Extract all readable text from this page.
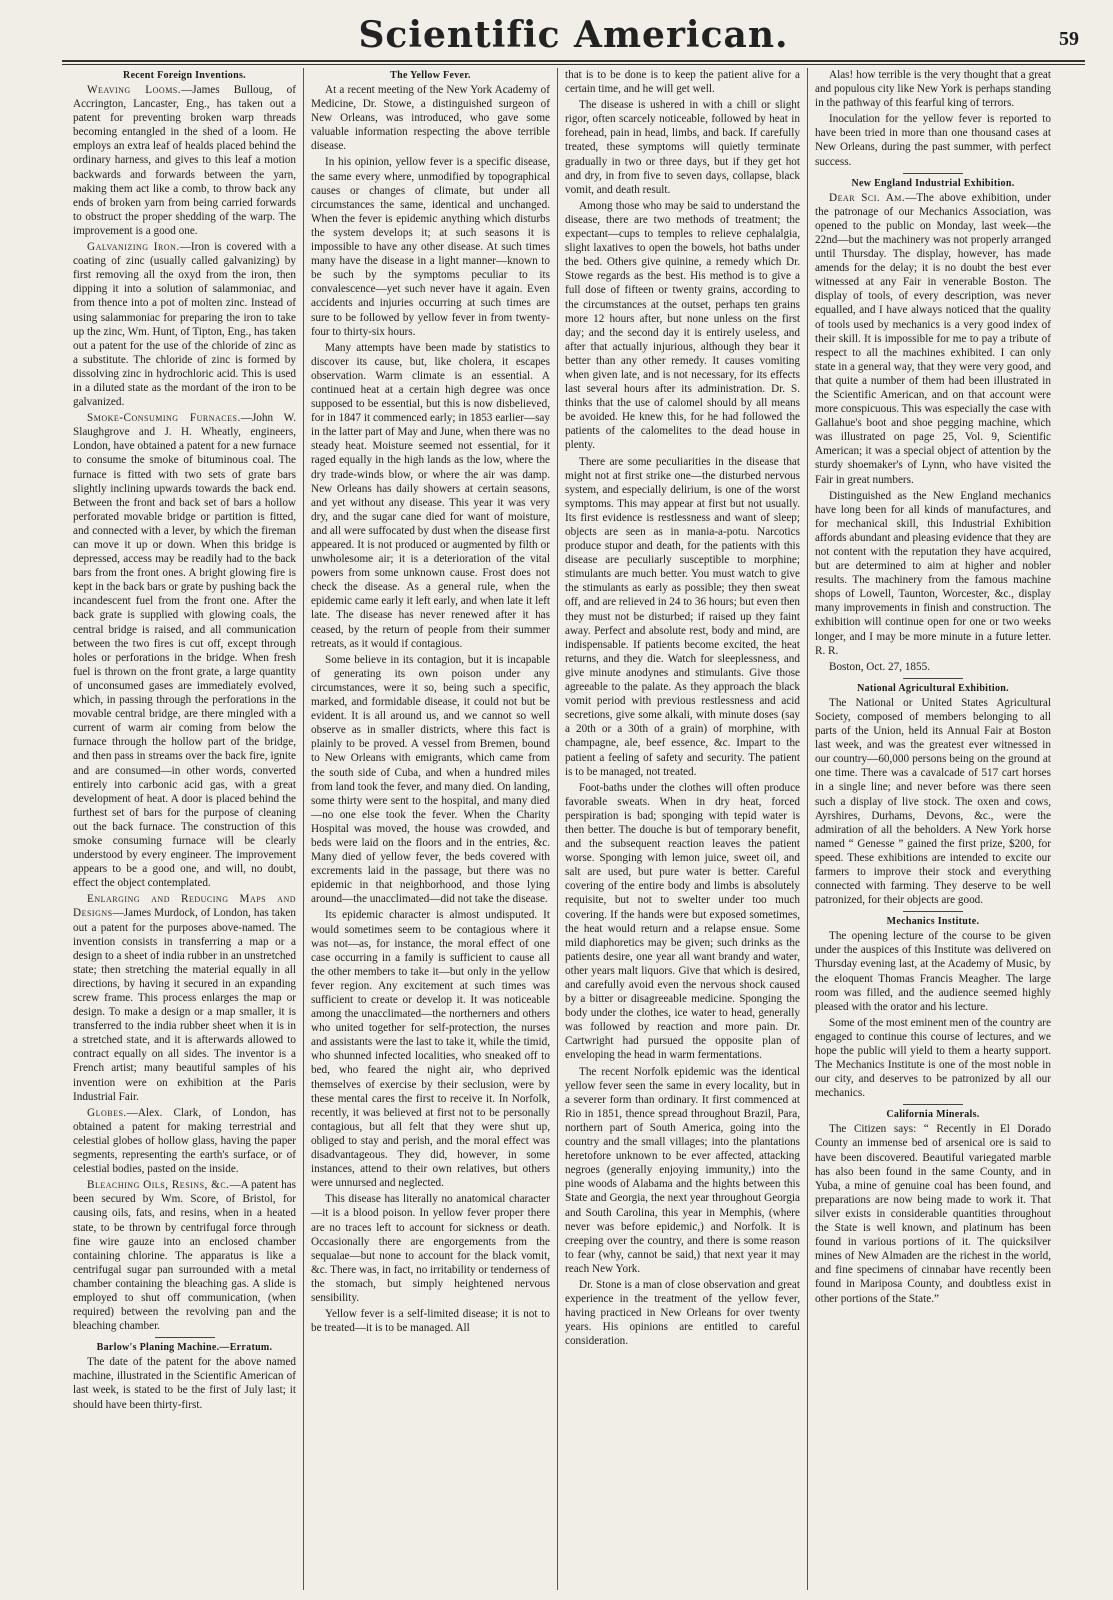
Scientific American.	59
Recent Foreign Inventions.

Weaving Looms.—James Bulloug, of Accrington, Lancaster, Eng., has taken out a patent for preventing broken warp threads becoming entangled in the shed of a loom. He employs an extra leaf of healds placed behind the ordinary harness, and gives to this leaf a motion backwards and forwards between the yarn, making them act like a comb, to throw back any ends of broken yarn from being carried forwards to obstruct the proper shedding of the warp. The improvement is a good one.

Galvanizing Iron.—Iron is covered with a coating of zinc (usually called galvanizing) by first removing all the oxyd from the iron, then dipping it into a solution of salammoniac, and from thence into a pot of molten zinc. Instead of using salammoniac for preparing the iron to take up the zinc, Wm. Hunt, of Tipton, Eng., has taken out a patent for the use of the chloride of zinc as a substitute. The chloride of zinc is formed by dissolving zinc in hydrochloric acid. This is used in a diluted state as the mordant of the iron to be galvanized.

Smoke-Consuming Furnaces.—John W. Slaughgrove and J. H. Wheatly, engineers, London, have obtained a patent for a new furnace to consume the smoke of bituminous coal. The furnace is fitted with two sets of grate bars slightly inclining upwards towards the back end. Between the front and back set of bars a hollow perforated movable bridge or partition is fitted, and connected with a lever, by which the fireman can move it up or down. When this bridge is depressed, access may be readily had to the back bars from the front ones. A bright glowing fire is kept in the back bars or grate by pushing back the incandescent fuel from the front one. After the back grate is supplied with glowing coals, the central bridge is raised, and all communication between the two fires is cut off, except through holes or perforations in the bridge. When fresh fuel is thrown on the front grate, a large quantity of unconsumed gases are immediately evolved, which, in passing through the perforations in the movable central bridge, are there mingled with a current of warm air coming from below the furnace through the hollow part of the bridge, and then pass in streams over the back fire, ignite and are consumed—in other words, converted entirely into carbonic acid gas, with a great development of heat. A door is placed behind the furthest set of bars for the purpose of cleaning out the back furnace. The construction of this smoke consuming furnace will be clearly understood by every engineer. The improvement appears to be a good one, and will, no doubt, effect the object contemplated.

Enlarging and Reducing Maps and Designs—James Murdock, of London, has taken out a patent for the purposes above-named. The invention consists in transferring a map or a design to a sheet of india rubber in an unstretched state; then stretching the material equally in all directions, by having it secured in an expanding screw frame. This process enlarges the map or design. To make a design or a map smaller, it is transferred to the india rubber sheet when it is in a stretched state, and it is afterwards allowed to contract equally on all sides. The inventor is a French artist; many beautiful samples of his invention were on exhibition at the Paris Industrial Fair.

Globes.—Alex. Clark, of London, has obtained a patent for making terrestrial and celestial globes of hollow glass, having the paper segments, representing the earth's surface, or of celestial bodies, pasted on the inside.

Bleaching Oils, Resins, &c.—A patent has been secured by Wm. Score, of Bristol, for causing oils, fats, and resins, when in a heated state, to be thrown by centrifugal force through fine wire gauze into an enclosed chamber containing chlorine. The apparatus is like a centrifugal sugar pan surrounded with a metal chamber containing the bleaching gas. A slide is employed to shut off communication, (when required) between the revolving pan and the bleaching chamber.

Barlow's Planing Machine.—Erratum.

The date of the patent for the above named machine, illustrated in the Scientific American of last week, is stated to be the first of July last; it should have been thirty-first.

The Yellow Fever.

At a recent meeting of the New York Academy of Medicine, Dr. Stowe, a distinguished surgeon of New Orleans, was introduced, who gave some valuable information respecting the above terrible disease.

In his opinion, yellow fever is a specific disease, the same every where, unmodified by topographical causes or changes of climate, but under all circumstances the same, identical and unchanged. When the fever is epidemic anything which disturbs the system develops it; at such seasons it is impossible to have any other disease. At such times many have the disease in a light manner—known to be such by the symptoms peculiar to its convalescence—yet such never have it again. Even accidents and injuries occurring at such times are sure to be followed by yellow fever in from twenty-four to thirty-six hours.

Many attempts have been made by statistics to discover its cause, but, like cholera, it escapes observation. Warm climate is an essential. A continued heat at a certain high degree was once supposed to be essential, but this is now disbelieved, for in 1847 it commenced early; in 1853 earlier—say in the latter part of May and June, when there was no steady heat. Moisture seemed not essential, for it raged equally in the high lands as the low, where the dry trade-winds blow, or where the air was damp. New Orleans has daily showers at certain seasons, and yet without any disease. This year it was very dry, and the sugar cane died for want of moisture, and all were suffocated by dust when the disease first appeared. It is not produced or augmented by filth or unwholesome air; it is a deterioration of the vital powers from some unknown cause. Frost does not check the disease. As a general rule, when the epidemic came early it left early, and when late it left late. The disease has never renewed after it has ceased, by the return of people from their summer retreats, as it would if contagious.

Some believe in its contagion, but it is incapable of generating its own poison under any circumstances, were it so, being such a specific, marked, and formidable disease, it could not but be evident. It is all around us, and we cannot so well observe as in smaller districts, where this fact is plainly to be proved. A vessel from Bremen, bound to New Orleans with emigrants, which came from the south side of Cuba, and when a hundred miles from land took the fever, and many died. On landing, some thirty were sent to the hospital, and many died—no one else took the fever. When the Charity Hospital was moved, the house was crowded, and beds were laid on the floors and in the entries, &c. Many died of yellow fever, the beds covered with excrements laid in the passage, but there was no epidemic in that neighborhood, and those lying around—the unacclimated—did not take the disease.

Its epidemic character is almost undisputed. It would sometimes seem to be contagious where it was not—as, for instance, the moral effect of one case occurring in a family is sufficient to cause all the other members to take it—but only in the yellow fever region. Any excitement at such times was sufficient to create or develop it. It was noticeable among the unacclimated—the northerners and others who united together for self-protection, the nurses and assistants were the last to take it, while the timid, who shunned infected localities, who sneaked off to bed, who feared the night air, who deprived themselves of exercise by their seclusion, were by these mental cares the first to receive it. In Norfolk, recently, it was believed at first not to be personally contagious, but all felt that they were shut up, obliged to stay and perish, and the moral effect was disadvantageous. They did, however, in some instances, attend to their own relatives, but others were unnursed and neglected.

This disease has literally no anatomical character—it is a blood poison. In yellow fever proper there are no traces left to account for sickness or death. Occasionally there are engorgements from the sequalae—but none to account for the black vomit, &c. There was, in fact, no irritability or tenderness of the stomach, but simply heightened nervous sensibility.

Yellow fever is a self-limited disease; it is not to be treated—it is to be managed. All

that is to be done is to keep the patient alive for a certain time, and he will get well.

The disease is ushered in with a chill or slight rigor, often scarcely noticeable, followed by heat in forehead, pain in head, limbs, and back. If carefully treated, these symptoms will quietly terminate gradually in two or three days, but if they get hot and dry, in from five to seven days, collapse, black vomit, and death result.

Among those who may be said to understand the disease, there are two methods of treatment; the expectant—cups to temples to relieve cephalalgia, slight laxatives to open the bowels, hot baths under the bed. Others give quinine, a remedy which Dr. Stowe regards as the best. His method is to give a full dose of fifteen or twenty grains, according to the circumstances at the outset, perhaps ten grains more 12 hours after, but none unless on the first day; and the second day it is entirely useless, and after that actually injurious, although they bear it better than any other remedy. It causes vomiting when given late, and is not necessary, for its effects last several hours after its administration. Dr. S. thinks that the use of calomel should by all means be avoided. He knew this, for he had followed the patients of the calomelites to the dead house in plenty.

There are some peculiarities in the disease that might not at first strike one—the disturbed nervous system, and especially delirium, is one of the worst symptoms. This may appear at first but not usually. Its first evidence is restlessness and want of sleep; objects are seen as in mania-a-potu. Narcotics produce stupor and death, for the patients with this disease are peculiarly susceptible to morphine; stimulants are much better. You must watch to give the stimulants as early as possible; they then sweat off, and are relieved in 24 to 36 hours; but even then they must not be disturbed; if raised up they faint away. Perfect and absolute rest, body and mind, are indispensable. If patients become excited, the heat returns, and they die. Watch for sleeplessness, and give minute anodynes and stimulants. Give those agreeable to the palate. As they approach the black vomit period with previous restlessness and acid secretions, give some alkali, with minute doses (say a 20th or a 30th of a grain) of morphine, with champagne, ale, beef essence, &c. Impart to the patient a feeling of safety and security. The patient is to be managed, not treated.

Foot-baths under the clothes will often produce favorable sweats. When in dry heat, forced perspiration is bad; sponging with tepid water is then better. The douche is but of temporary benefit, and the subsequent reaction leaves the patient worse. Sponging with lemon juice, sweet oil, and salt are used, but pure water is better. Careful covering of the entire body and limbs is absolutely requisite, but not to swelter under too much covering. If the hands were but exposed sometimes, the heat would return and a relapse ensue. Some mild diaphoretics may be given; such drinks as the patients desire, one year all want brandy and water, other years malt liquors. Give that which is desired, and carefully avoid even the nervous shock caused by a bitter or disagreeable medicine. Sponging the body under the clothes, ice water to head, generally was followed by reaction and more pain. Dr. Cartwright had pursued the opposite plan of enveloping the head in warm fermentations.

The recent Norfolk epidemic was the identical yellow fever seen the same in every locality, but in a severer form than ordinary. It first commenced at Rio in 1851, thence spread throughout Brazil, Para, northern part of South America, going into the country and the small villages; into the plantations heretofore unknown to be ever affected, attacking negroes (generally enjoying immunity,) into the pine woods of Alabama and the hights between this State and Georgia, the next year throughout Georgia and South Carolina, this year in Memphis, (where never was before epidemic,) and Norfolk. It is creeping over the country, and there is some reason to fear (why, cannot be said,) that next year it may reach New York.

Dr. Stone is a man of close observation and great experience in the treatment of the yellow fever, having practiced in New Orleans for over twenty years. His opinions are entitled to careful consideration.

Alas! how terrible is the very thought that a great and populous city like New York is perhaps standing in the pathway of this fearful king of terrors.

Inoculation for the yellow fever is reported to have been tried in more than one thousand cases at New Orleans, during the past summer, with perfect success.

New England Industrial Exhibition.

Dear Sci. Am.—The above exhibition, under the patronage of our Mechanics Association, was opened to the public on Monday, last week—the 22nd—but the machinery was not properly arranged until Thursday. The display, however, has made amends for the delay; it is no doubt the best ever witnessed at any Fair in venerable Boston. The display of tools, of every description, was never equalled, and I have always noticed that the quality of tools used by mechanics is a very good index of their skill. It is impossible for me to pay a tribute of respect to all the machines exhibited. I can only state in a general way, that they were very good, and that quite a number of them had been illustrated in the Scientific American, and on that account were more conspicuous. This was especially the case with Gallahue's boot and shoe pegging machine, which was illustrated on page 25, Vol. 9, Scientific American; it was a special object of attention by the sturdy shoemaker's of Lynn, who have visited the Fair in great numbers.

Distinguished as the New England mechanics have long been for all kinds of manufactures, and for mechanical skill, this Industrial Exhibition affords abundant and pleasing evidence that they are not content with the reputation they have acquired, but are determined to aim at higher and nobler results. The machinery from the famous machine shops of Lowell, Taunton, Worcester, &c., display many improvements in finish and construction. The exhibition will continue open for one or two weeks longer, and I may be more minute in a future letter. R. R.

Boston, Oct. 27, 1855.

National Agricultural Exhibition.

The National or United States Agricultural Society, composed of members belonging to all parts of the Union, held its Annual Fair at Boston last week, and was the greatest ever witnessed in our country—60,000 persons being on the ground at one time. There was a cavalcade of 517 cart horses in a single line; and never before was there seen such a display of live stock. The oxen and cows, Ayrshires, Durhams, Devons, &c., were the admiration of all the beholders. A New York horse named “ Genesse ” gained the first prize, $200, for speed. These exhibitions are intended to excite our farmers to improve their stock and everything connected with farming. They deserve to be well patronized, for their objects are good.

Mechanics Institute.

The opening lecture of the course to be given under the auspices of this Institute was delivered on Thursday evening last, at the Academy of Music, by the eloquent Thomas Francis Meagher. The large room was filled, and the audience seemed highly pleased with the orator and his lecture.

Some of the most eminent men of the country are engaged to continue this course of lectures, and we hope the public will yield to them a hearty support. The Mechanics Institute is one of the most noble in our city, and deserves to be patronized by all our mechanics.

California Minerals.

The Citizen says: “ Recently in El Dorado County an immense bed of arsenical ore is said to have been discovered. Beautiful variegated marble has also been found in the same County, and in Yuba, a mine of genuine coal has been found, and preparations are now being made to work it. That silver exists in considerable quantities throughout the State is well known, and platinum has been found in various portions of it. The quicksilver mines of New Almaden are the richest in the world, and fine specimens of cinnabar have recently been found in Mariposa County, and doubtless exist in other portions of the State.”
